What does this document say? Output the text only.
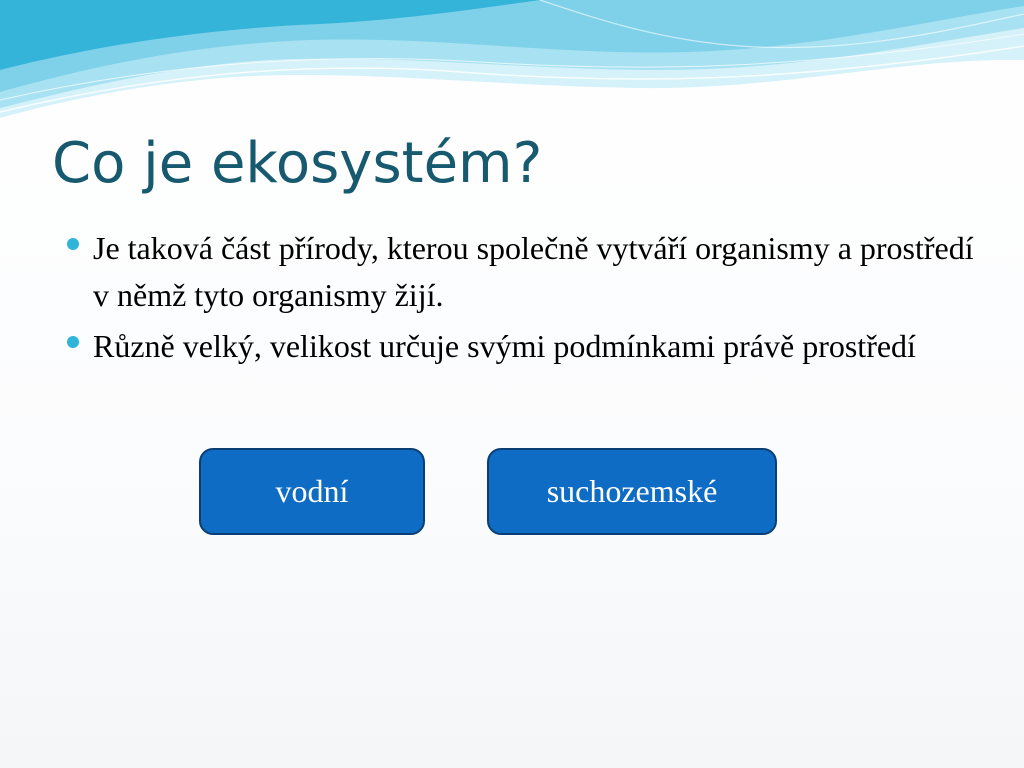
Co je ekosystém?
Je taková část přírody, kterou společně vytváří organismy a prostředí v němž tyto organismy žijí.
Různě velký, velikost určuje svými podmínkami právě prostředí
vodní	suchozemské
